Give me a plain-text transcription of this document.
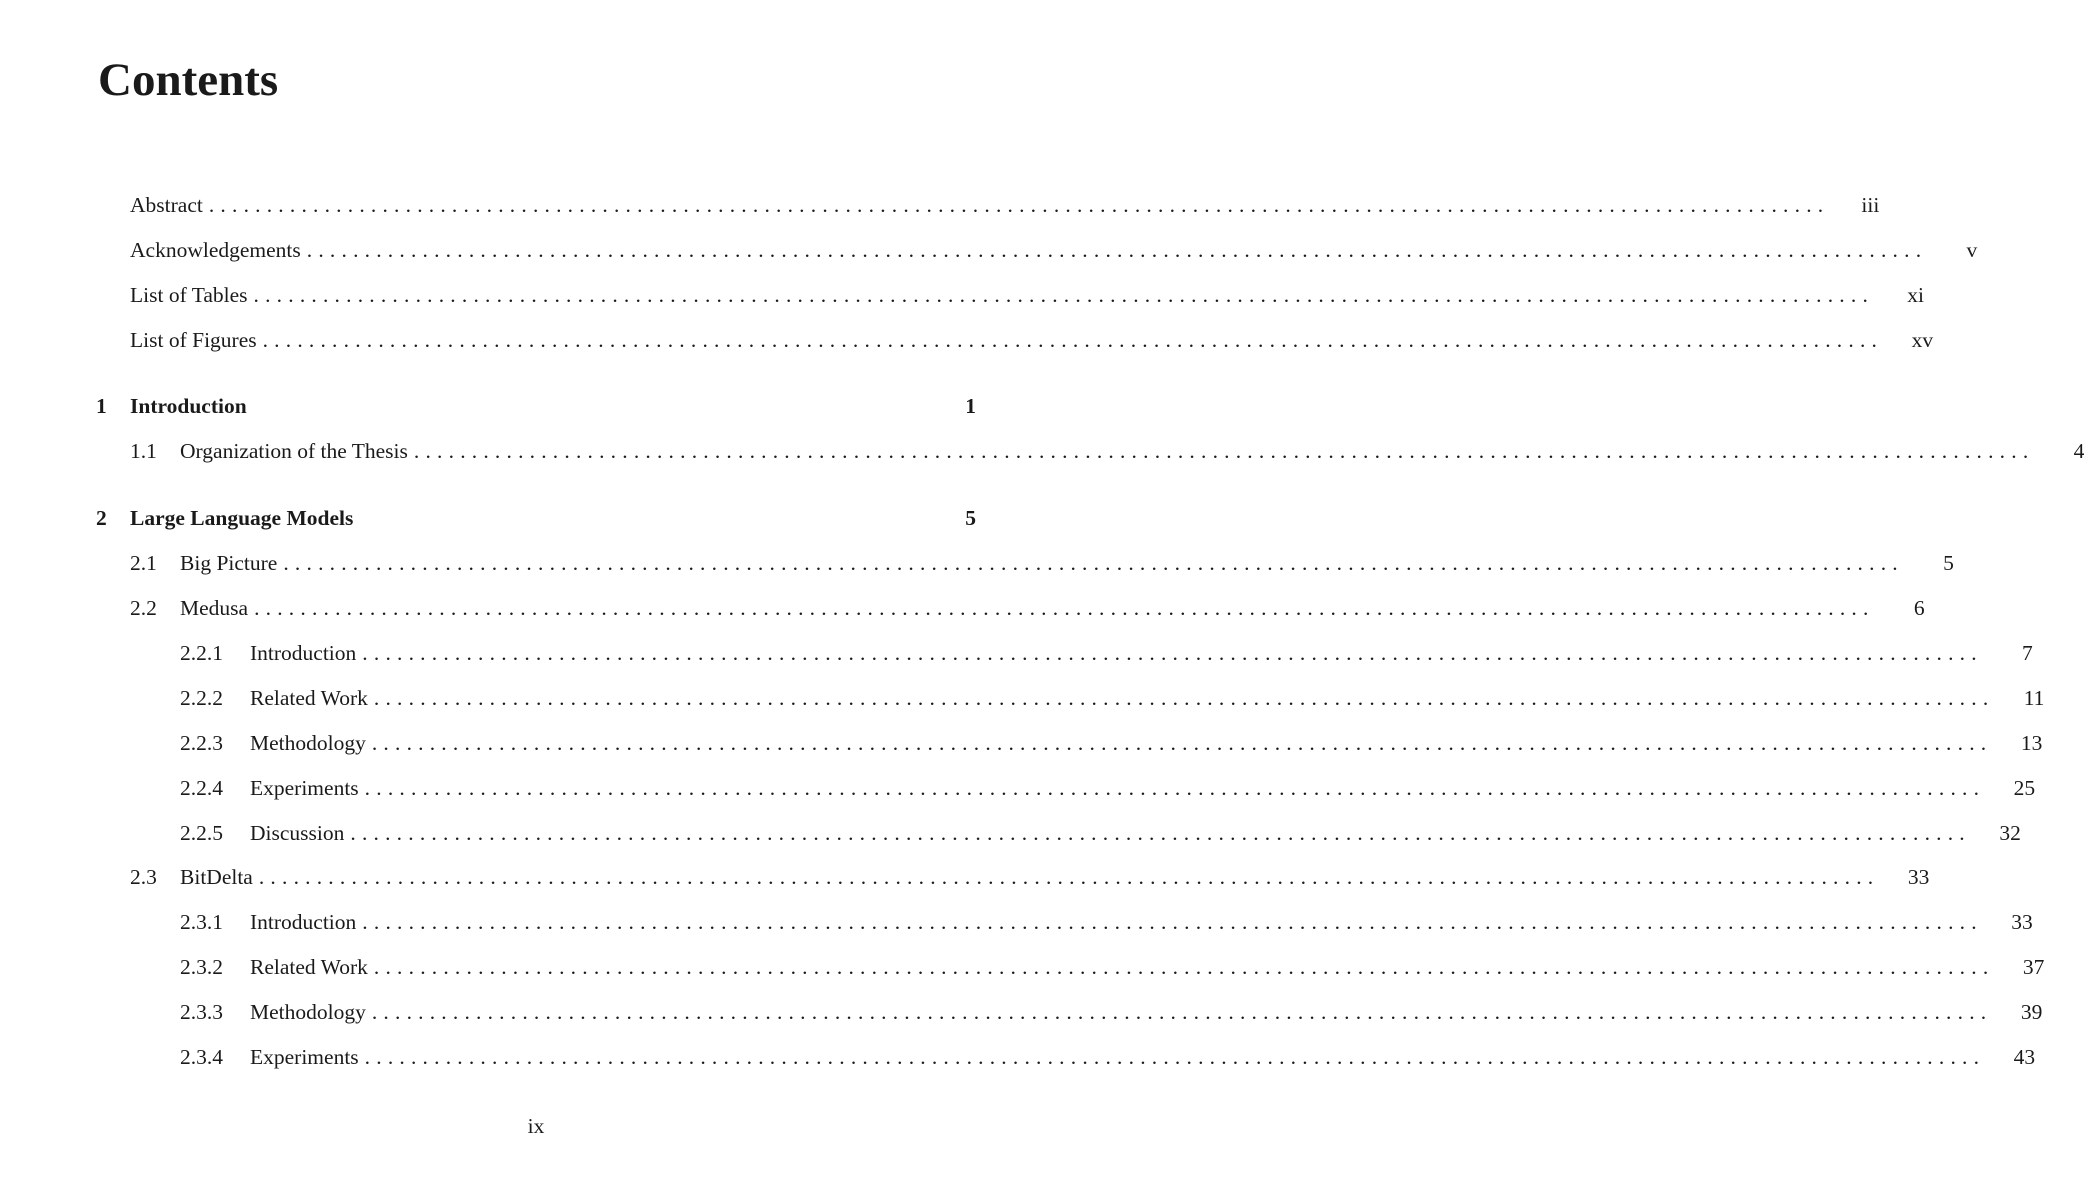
Contents
Abstract ............................................................................................................................................	iii
Acknowledgements ............................................................................................................................................	v
List of Tables ............................................................................................................................................	xi
List of Figures ............................................................................................................................................	xv
1	Introduction	1
1.1	Organization of the Thesis ............................................................................................................................................	4
2	Large Language Models	5
2.1	Big Picture ............................................................................................................................................	5
2.2	Medusa ............................................................................................................................................	6
2.2.1	Introduction ............................................................................................................................................	7
2.2.2	Related Work ............................................................................................................................................	11
2.2.3	Methodology ............................................................................................................................................	13
2.2.4	Experiments ............................................................................................................................................	25
2.2.5	Discussion ............................................................................................................................................	32
2.3	BitDelta ............................................................................................................................................	33
2.3.1	Introduction ............................................................................................................................................	33
2.3.2	Related Work ............................................................................................................................................	37
2.3.3	Methodology ............................................................................................................................................	39
2.3.4	Experiments ............................................................................................................................................	43
ix
